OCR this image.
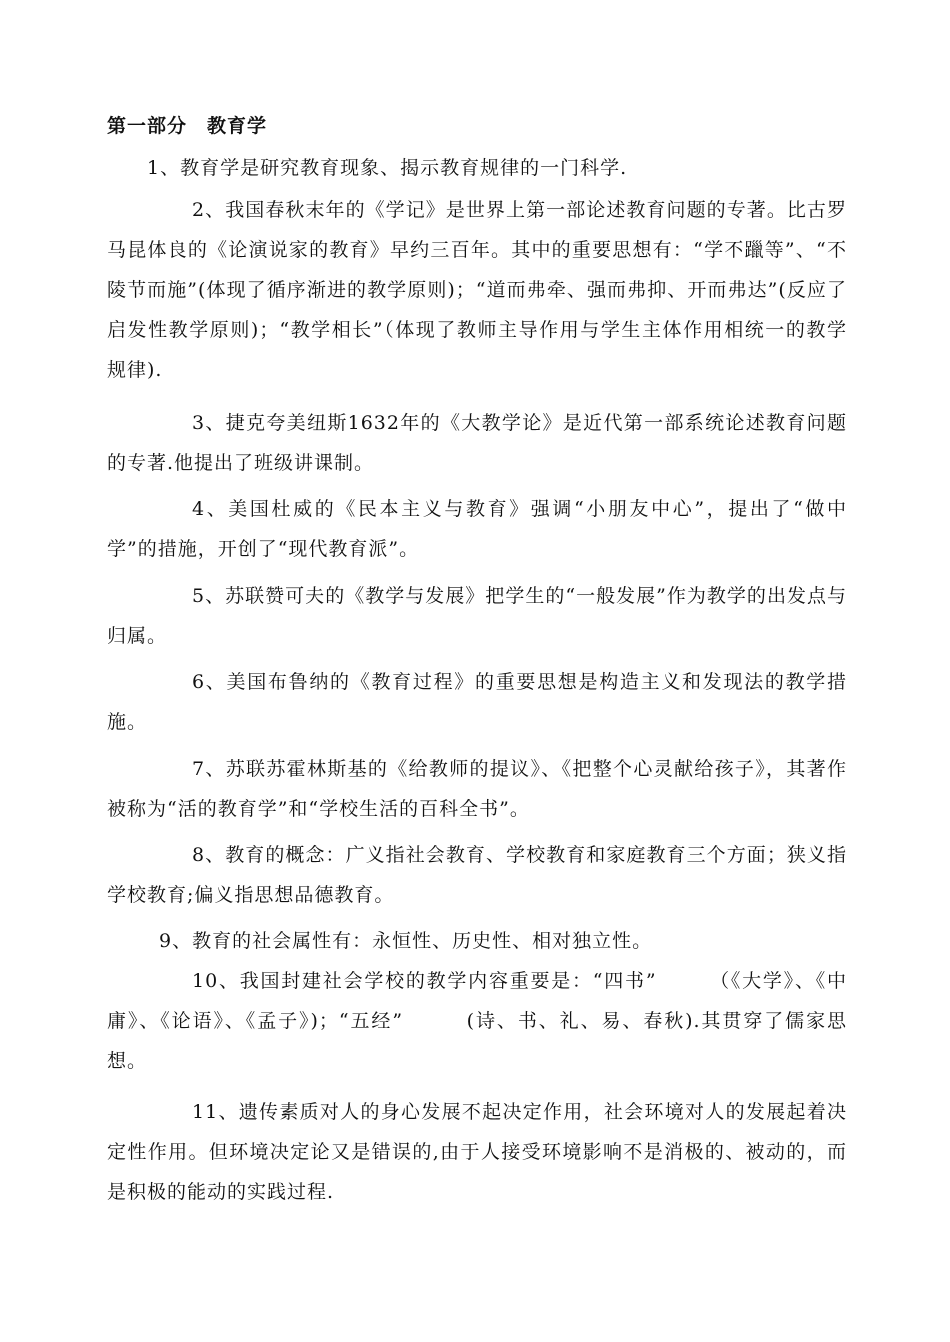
第一部分　教育学
1、教育学是研究教育现象、揭示教育规律的一门科学.
2、我国春秋末年的《学记》是世界上第一部论述教育问题的专著。比古罗马昆体良的《论演说家的教育》早约三百年。其中的重要思想有：“学不躐等”、“不陵节而施”(体现了循序渐进的教学原则)；“道而弗牵、强而弗抑、开而弗达”(反应了启发性教学原则)；“教学相长”（体现了教师主导作用与学生主体作用相统一的教学规律).
3、捷克夸美纽斯1632年的《大教学论》是近代第一部系统论述教育问题的专著.他提出了班级讲课制。
4、美国杜威的《民本主义与教育》强调“小朋友中心”，提出了“做中学”的措施，开创了“现代教育派”。
5、苏联赞可夫的《教学与发展》把学生的“一般发展”作为教学的出发点与归属。
6、美国布鲁纳的《教育过程》的重要思想是构造主义和发现法的教学措施。
7、苏联苏霍林斯基的《给教师的提议》、《把整个心灵献给孩子》，其著作被称为“活的教育学”和“学校生活的百科全书”。
8、教育的概念：广义指社会教育、学校教育和家庭教育三个方面；狭义指学校教育;偏义指思想品德教育。
9、教育的社会属性有：永恒性、历史性、相对独立性。
10、我国封建社会学校的教学内容重要是：“四书”　　　（《大学》、《中庸》、《论语》、《孟子》)；“五经”　　　(诗、书、礼、易、春秋).其贯穿了儒家思想。
11、遗传素质对人的身心发展不起决定作用，社会环境对人的发展起着决定性作用。但环境决定论又是错误的,由于人接受环境影响不是消极的、被动的，而是积极的能动的实践过程.
